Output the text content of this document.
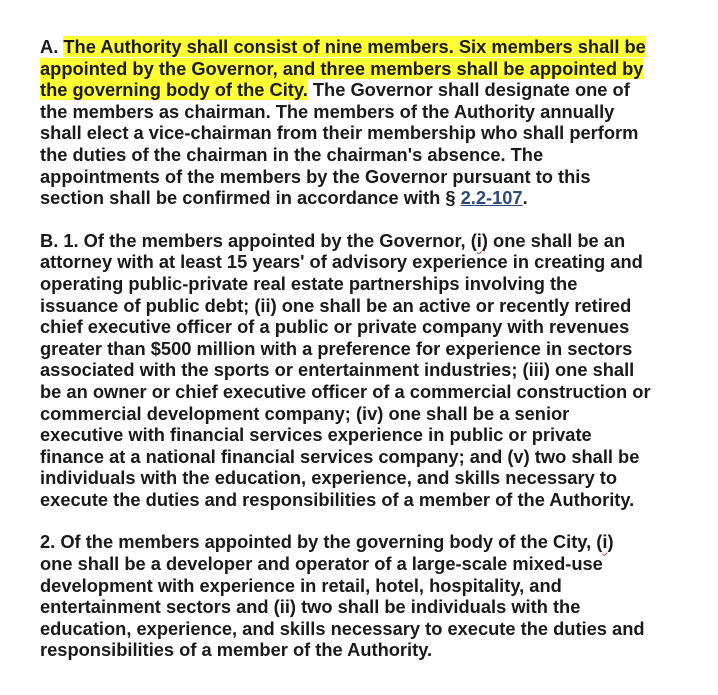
A. The Authority shall consist of nine members. Six members shall be
appointed by the Governor, and three members shall be appointed by
the governing body of the City. The Governor shall designate one of
the members as chairman. The members of the Authority annually
shall elect a vice-chairman from their membership who shall perform
the duties of the chairman in the chairman's absence. The
appointments of the members by the Governor pursuant to this
section shall be confirmed in accordance with § 2.2-107.
B. 1. Of the members appointed by the Governor, (i) one shall be an
attorney with at least 15 years' of advisory experience in creating and
operating public-private real estate partnerships involving the
issuance of public debt; (ii) one shall be an active or recently retired
chief executive officer of a public or private company with revenues
greater than $500 million with a preference for experience in sectors
associated with the sports or entertainment industries; (iii) one shall
be an owner or chief executive officer of a commercial construction or
commercial development company; (iv) one shall be a senior
executive with financial services experience in public or private
finance at a national financial services company; and (v) two shall be
individuals with the education, experience, and skills necessary to
execute the duties and responsibilities of a member of the Authority.
2. Of the members appointed by the governing body of the City, (i)
one shall be a developer and operator of a large-scale mixed-use
development with experience in retail, hotel, hospitality, and
entertainment sectors and (ii) two shall be individuals with the
education, experience, and skills necessary to execute the duties and
responsibilities of a member of the Authority.
